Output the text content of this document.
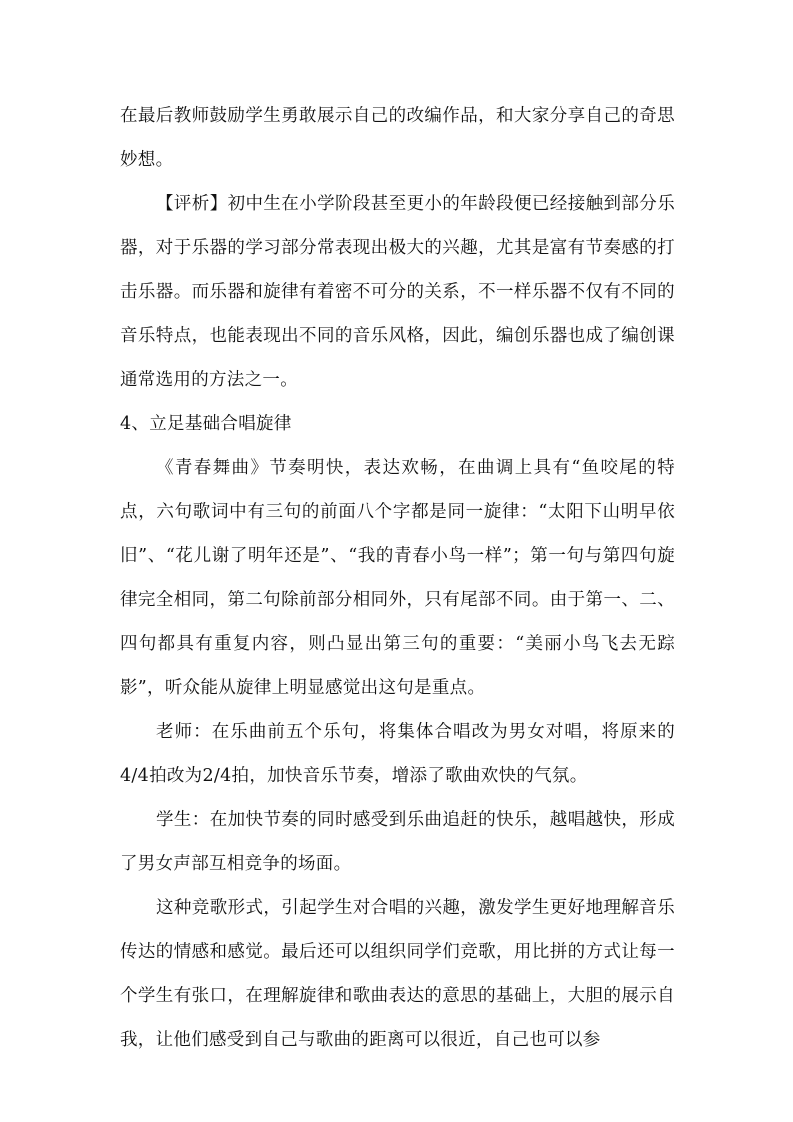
在最后教师鼓励学生勇敢展示自己的改编作品，和大家分享自己的奇思妙想。

【评析】初中生在小学阶段甚至更小的年龄段便已经接触到部分乐器，对于乐器的学习部分常表现出极大的兴趣，尤其是富有节奏感的打击乐器。而乐器和旋律有着密不可分的关系，不一样乐器不仅有不同的音乐特点，也能表现出不同的音乐风格，因此，编创乐器也成了编创课通常选用的方法之一。

4、立足基础合唱旋律

《青春舞曲》节奏明快，表达欢畅，在曲调上具有“鱼咬尾的特点，六句歌词中有三句的前面八个字都是同一旋律：“太阳下山明早依旧”、“花儿谢了明年还是”、“我的青春小鸟一样”；第一句与第四句旋律完全相同，第二句除前部分相同外，只有尾部不同。由于第一、二、四句都具有重复内容，则凸显出第三句的重要：“美丽小鸟飞去无踪影”，听众能从旋律上明显感觉出这句是重点。

老师：在乐曲前五个乐句，将集体合唱改为男女对唱，将原来的4/4拍改为2/4拍，加快音乐节奏，增添了歌曲欢快的气氛。

学生：在加快节奏的同时感受到乐曲追赶的快乐，越唱越快，形成了男女声部互相竞争的场面。

这种竞歌形式，引起学生对合唱的兴趣，激发学生更好地理解音乐传达的情感和感觉。最后还可以组织同学们竞歌，用比拼的方式让每一个学生有张口，在理解旋律和歌曲表达的意思的基础上，大胆的展示自我，让他们感受到自己与歌曲的距离可以很近，自己也可以参
